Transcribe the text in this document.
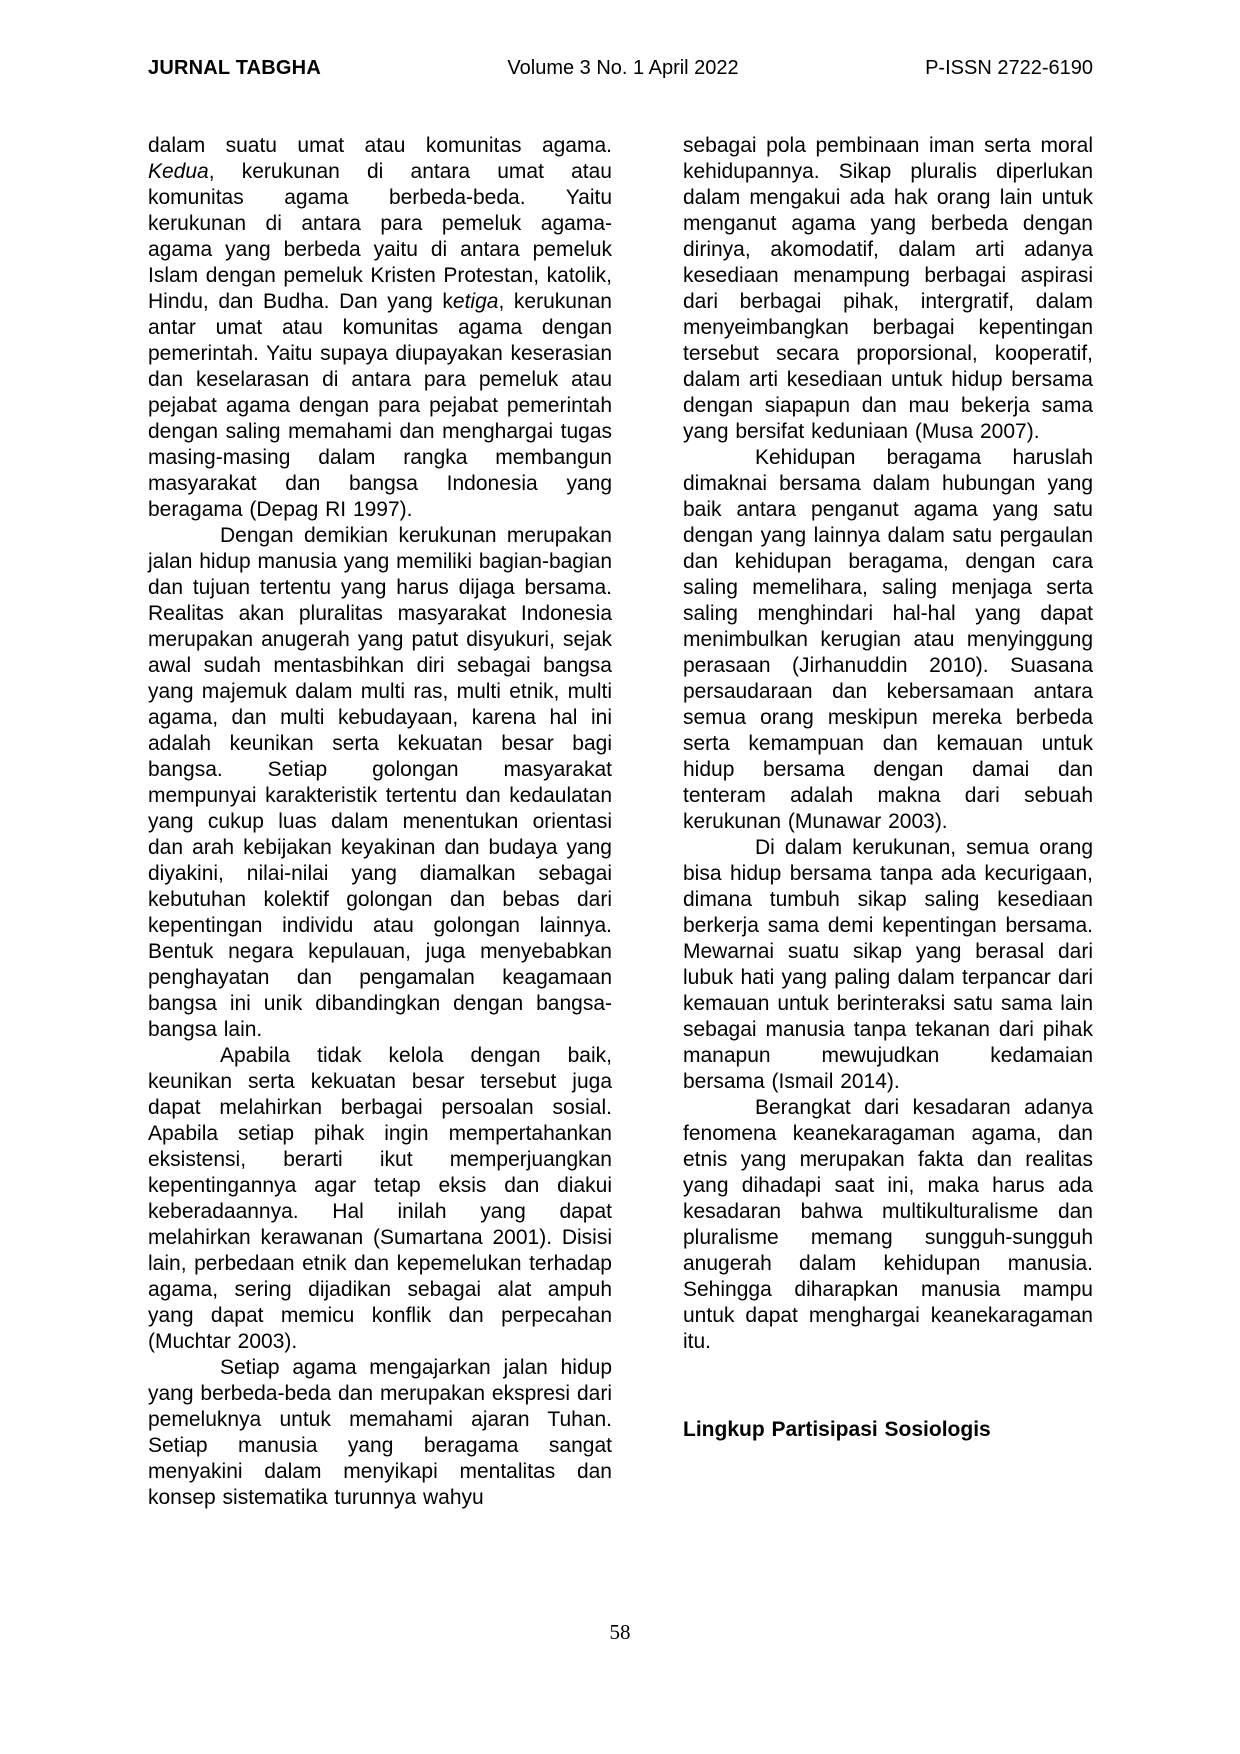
JURNAL TABGHA	Volume 3 No. 1 April 2022	P-ISSN 2722-6190

dalam suatu umat atau komunitas agama. Kedua, kerukunan di antara umat atau komunitas agama berbeda-beda. Yaitu kerukunan di antara para pemeluk agama-agama yang berbeda yaitu di antara pemeluk Islam dengan pemeluk Kristen Protestan, katolik, Hindu, dan Budha. Dan yang ketiga, kerukunan antar umat atau komunitas agama dengan pemerintah. Yaitu supaya diupayakan keserasian dan keselarasan di antara para pemeluk atau pejabat agama dengan para pejabat pemerintah dengan saling memahami dan menghargai tugas masing-masing dalam rangka membangun masyarakat dan bangsa Indonesia yang beragama (Depag RI 1997).

Dengan demikian kerukunan merupakan jalan hidup manusia yang memiliki bagian-bagian dan tujuan tertentu yang harus dijaga bersama. Realitas akan pluralitas masyarakat Indonesia merupakan anugerah yang patut disyukuri, sejak awal sudah mentasbihkan diri sebagai bangsa yang majemuk dalam multi ras, multi etnik, multi agama, dan multi kebudayaan, karena hal ini adalah keunikan serta kekuatan besar bagi bangsa. Setiap golongan masyarakat mempunyai karakteristik tertentu dan kedaulatan yang cukup luas dalam menentukan orientasi dan arah kebijakan keyakinan dan budaya yang diyakini, nilai-nilai yang diamalkan sebagai kebutuhan kolektif golongan dan bebas dari kepentingan individu atau golongan lainnya. Bentuk negara kepulauan, juga menyebabkan penghayatan dan pengamalan keagamaan bangsa ini unik dibandingkan dengan bangsa-bangsa lain.

Apabila tidak kelola dengan baik, keunikan serta kekuatan besar tersebut juga dapat melahirkan berbagai persoalan sosial. Apabila setiap pihak ingin mempertahankan eksistensi, berarti ikut memperjuangkan kepentingannya agar tetap eksis dan diakui keberadaannya. Hal inilah yang dapat melahirkan kerawanan (Sumartana 2001). Disisi lain, perbedaan etnik dan kepemelukan terhadap agama, sering dijadikan sebagai alat ampuh yang dapat memicu konflik dan perpecahan (Muchtar 2003).

Setiap agama mengajarkan jalan hidup yang berbeda-beda dan merupakan ekspresi dari pemeluknya untuk memahami ajaran Tuhan. Setiap manusia yang beragama sangat menyakini dalam menyikapi mentalitas dan konsep sistematika turunnya wahyu

sebagai pola pembinaan iman serta moral kehidupannya. Sikap pluralis diperlukan dalam mengakui ada hak orang lain untuk menganut agama yang berbeda dengan dirinya, akomodatif, dalam arti adanya kesediaan menampung berbagai aspirasi dari berbagai pihak, intergratif, dalam menyeimbangkan berbagai kepentingan tersebut secara proporsional, kooperatif, dalam arti kesediaan untuk hidup bersama dengan siapapun dan mau bekerja sama yang bersifat keduniaan (Musa 2007).

Kehidupan beragama haruslah dimaknai bersama dalam hubungan yang baik antara penganut agama yang satu dengan yang lainnya dalam satu pergaulan dan kehidupan beragama, dengan cara saling memelihara, saling menjaga serta saling menghindari hal-hal yang dapat menimbulkan kerugian atau menyinggung perasaan (Jirhanuddin 2010). Suasana persaudaraan dan kebersamaan antara semua orang meskipun mereka berbeda serta kemampuan dan kemauan untuk hidup bersama dengan damai dan tenteram adalah makna dari sebuah kerukunan (Munawar 2003).

Di dalam kerukunan, semua orang bisa hidup bersama tanpa ada kecurigaan, dimana tumbuh sikap saling kesediaan berkerja sama demi kepentingan bersama. Mewarnai suatu sikap yang berasal dari lubuk hati yang paling dalam terpancar dari kemauan untuk berinteraksi satu sama lain sebagai manusia tanpa tekanan dari pihak manapun mewujudkan kedamaian bersama (Ismail 2014).

Berangkat dari kesadaran adanya fenomena keanekaragaman agama, dan etnis yang merupakan fakta dan realitas yang dihadapi saat ini, maka harus ada kesadaran bahwa multikulturalisme dan pluralisme memang sungguh-sungguh anugerah dalam kehidupan manusia. Sehingga diharapkan manusia mampu untuk dapat menghargai keanekaragaman itu.

Lingkup Partisipasi Sosiologis
58
